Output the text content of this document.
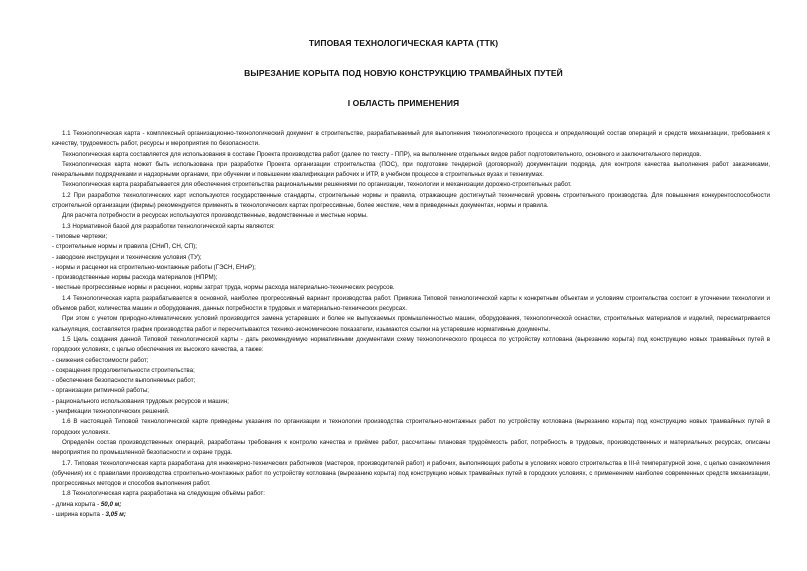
ТИПОВАЯ ТЕХНОЛОГИЧЕСКАЯ КАРТА (ТТК)
ВЫРЕЗАНИЕ КОРЫТА ПОД НОВУЮ КОНСТРУКЦИЮ ТРАМВАЙНЫХ ПУТЕЙ
I ОБЛАСТЬ ПРИМЕНЕНИЯ

1.1 Технологическая карта - комплексный организационно-технологический документ в строительстве, разрабатываемый для выполнения технологического процесса и определяющий состав операций и средств механизации, требования к качеству, трудоемкость работ, ресурсы и мероприятия по безопасности.

Технологическая карта составляется для использования в составе Проекта производства работ (далее по тексту - ППР), на выполнение отдельных видов работ подготовительного, основного и заключительного периодов.

Технологическая карта может быть использована при разработке Проекта организации строительства (ПОС), при подготовке тендерной (договорной) документации подряда, для контроля качества выполнения работ заказчиками, генеральными подрядчиками и надзорными органами, при обучении и повышении квалификации рабочих и ИТР, в учебном процессе в строительных вузах и техникумах.

Технологическая карта разрабатывается для обеспечения строительства рациональными решениями по организации, технологии и механизации дорожно-строительных работ.

1.2 При разработке технологических карт используются государственные стандарты, строительные нормы и правила, отражающие достигнутый технический уровень строительного производства. Для повышения конкурентоспособности строительной организации (фирмы) рекомендуется применять в технологических картах прогрессивные, более жесткие, чем в приведенных документах, нормы и правила.

Для расчета потребности в ресурсах используются производственные, ведомственные и местные нормы.

1.3 Нормативной базой для разработки технологической карты являются:

- типовые чертежи;

- строительные нормы и правила (СНиП, СН, СП);

- заводские инструкции и технические условия (ТУ);

- нормы и расценки на строительно-монтажные работы (ГЭСН, ЕНиР);

- производственные нормы расхода материалов (НПРМ);

- местные прогрессивные нормы и расценки, нормы затрат труда, нормы расхода материально-технических ресурсов.

1.4 Технологическая карта разрабатывается в основной, наиболее прогрессивный вариант производства работ. Привязка Типовой технологической карты к конкретным объектам и условиям строительства состоит в уточнении технологии и объемов работ, количества машин и оборудования, данных потребности в трудовых и материально-технических ресурсах.

При этом с учетом природно-климатических условий производится замена устаревших и более не выпускаемых промышленностью машин, оборудования, технологической оснастки, строительных материалов и изделий, пересматривается калькуляция, составляется график производства работ и пересчитываются технико-экономические показатели, изымаются ссылки на устаревшие нормативные документы.

1.5 Цель создания данной Типовой технологической карты - дать рекомендуемую нормативными документами схему технологического процесса по устройству котлована (вырезанию корыта) под конструкцию новых трамвайных путей в городских условиях, с целью обеспечения их высокого качества, а также:

- снижения себестоимости работ;

- сокращения продолжительности строительства;

- обеспечения безопасности выполняемых работ;

- организации ритмичной работы;

- рационального использования трудовых ресурсов и машин;

- унификации технологических решений.

1.6 В настоящей Типовой технологической карте приведены указания по организации и технологии производства строительно-монтажных работ по устройству котлована (вырезанию корыта) под конструкцию новых трамвайных путей в городских условиях.

Определён состав производственных операций, разработаны требования к контролю качества и приёмке работ, рассчитаны плановая трудоёмкость работ, потребность в трудовых, производственных и материальных ресурсах, описаны мероприятия по промышленной безопасности и охране труда.

1.7. Типовая технологическая карта разработана для инженерно-технических работников (мастеров, производителей работ) и рабочих, выполняющих работы в условиях нового строительства в III-й температурной зоне, с целью ознакомления (обучения) их с правилами производства строительно-монтажных работ по устройству котлована (вырезанию корыта) под конструкцию новых трамвайных путей в городских условиях, с применением наиболее современных средств механизации, прогрессивных методов и способов выполнения работ.

1.8 Технологическая карта разработана на следующие объёмы работ:

- длина корыта - 50,0 м;

- ширина корыта - 3,05 м;
